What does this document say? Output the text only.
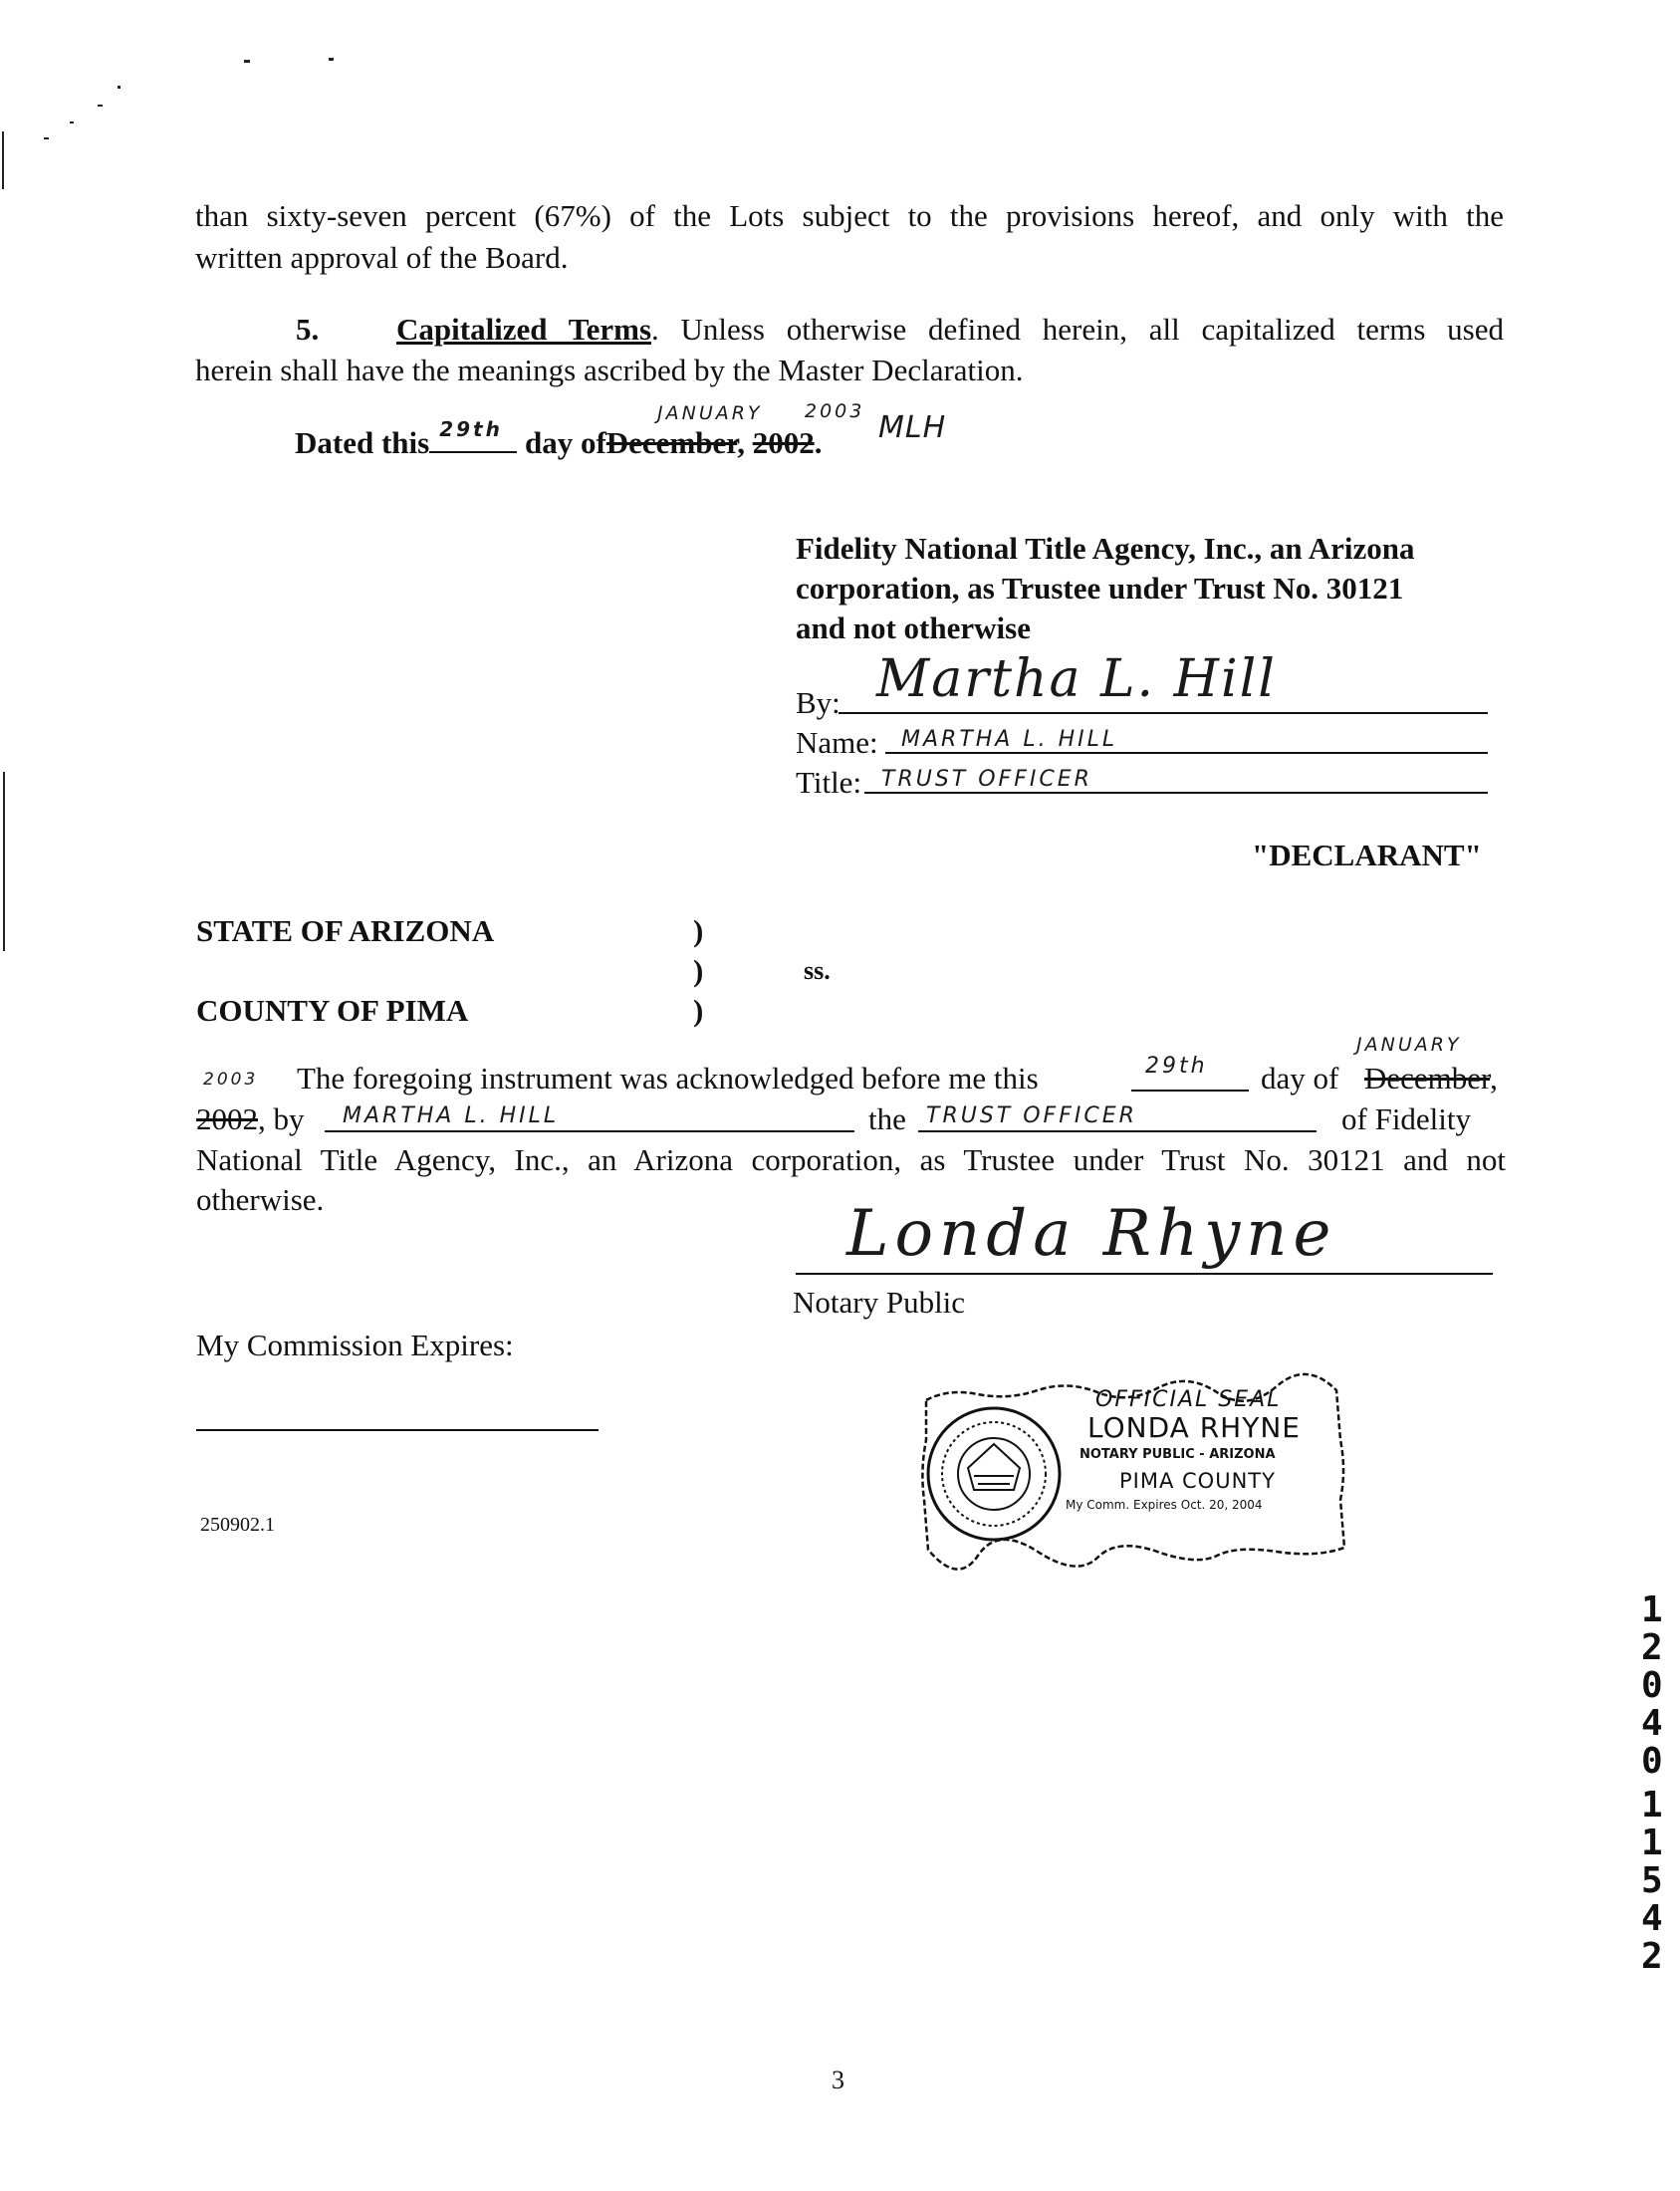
than sixty-seven percent (67%) of the Lots subject to the provisions hereof, and only with the
written approval of the Board.
5.	Capitalized Terms. Unless otherwise defined herein, all capitalized terms used
herein shall have the meanings ascribed by the Master Declaration.
Dated this 29th day ofDecember, 2002.
JANUARY 2003 MLH
Fidelity National Title Agency, Inc., an Arizona
corporation, as Trustee under Trust No. 30121
and not otherwise
By: Martha L. Hill
Name: MARTHA L. HILL
Title: TRUST OFFICER
"DECLARANT"
STATE OF ARIZONA
COUNTY OF PIMA
)
)
)
ss.
2003 The foregoing instrument was acknowledged before me this	29th day of
JANUARY
December,
2002, by MARTHA L. HILL	the TRUST OFFICER	of Fidelity
National Title Agency, Inc., an Arizona corporation, as Trustee under Trust No. 30121 and not
otherwise.	Londa Rhyne
Notary Public
My Commission Expires:
250902.1
OFFICIAL SEAL
LONDA RHYNE
NOTARY PUBLIC - ARIZONA
PIMA COUNTY
My Comm. Expires Oct. 20, 2004
3
1
2
0
4
0
1
1
5
4
2
